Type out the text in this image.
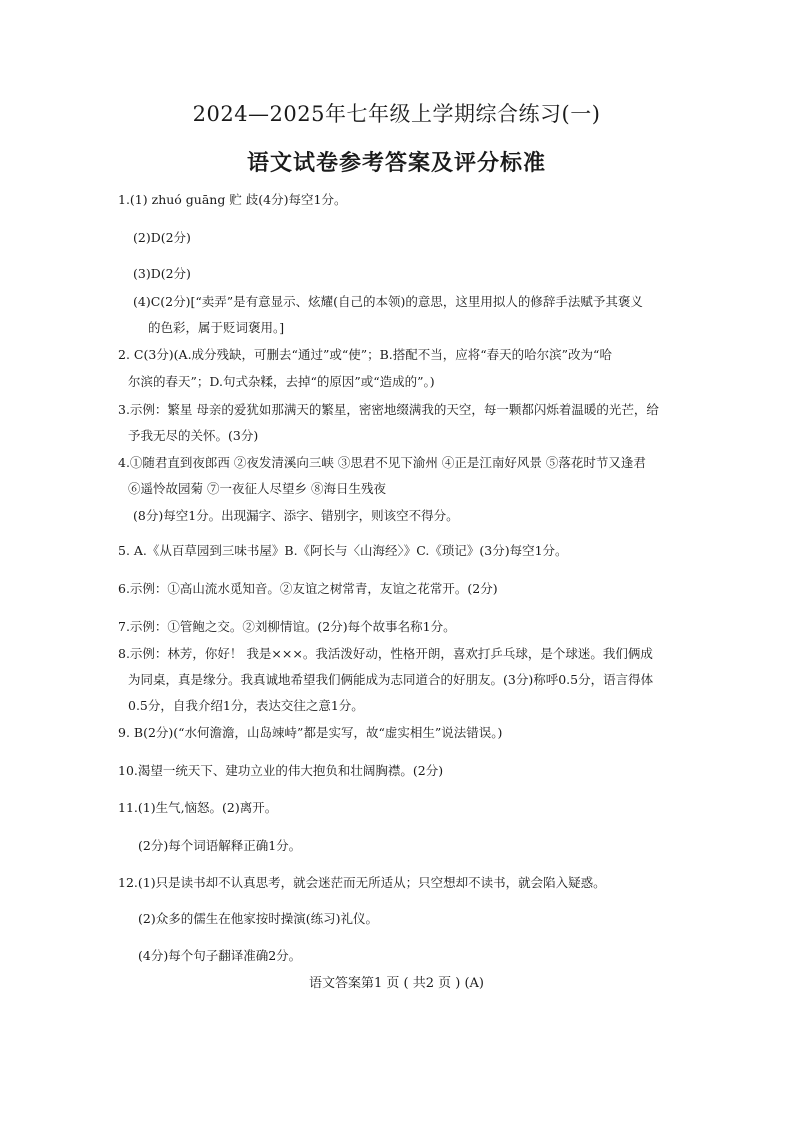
2024—2025年七年级上学期综合练习(一)
语文试卷参考答案及评分标准
1.(1) zhuó guāng 贮 歧(4分)每空1分。
(2)D(2分)
(3)D(2分)
(4)C(2分)[“卖弄”是有意显示、炫耀(自己的本领)的意思，这里用拟人的修辞手法赋予其褒义
的色彩，属于贬词褒用。]
2. C(3分)(A.成分残缺，可删去“通过”或“使”；B.搭配不当，应将“春天的哈尔滨”改为“哈
尔滨的春天”；D.句式杂糅，去掉“的原因”或“造成的”。)
3.示例：繁星 母亲的爱犹如那满天的繁星，密密地缀满我的天空，每一颗都闪烁着温暖的光芒，给
予我无尽的关怀。(3分)
4.①随君直到夜郎西 ②夜发清溪向三峡 ③思君不见下渝州 ④正是江南好风景 ⑤落花时节又逢君
⑥遥怜故园菊 ⑦一夜征人尽望乡 ⑧海日生残夜
(8分)每空1分。出现漏字、添字、错别字，则该空不得分。
5. A.《从百草园到三味书屋》B.《阿长与〈山海经〉》C.《琐记》(3分)每空1分。
6.示例：①高山流水觅知音。②友谊之树常青，友谊之花常开。(2分)
7.示例：①管鲍之交。②刘柳情谊。(2分)每个故事名称1分。
8.示例：林芳，你好！ 我是×××。我活泼好动，性格开朗，喜欢打乒乓球，是个球迷。我们俩成
为同桌，真是缘分。我真诚地希望我们俩能成为志同道合的好朋友。(3分)称呼0.5分，语言得体
0.5分，自我介绍1分，表达交往之意1分。
9. B(2分)(“水何澹澹，山岛竦峙”都是实写，故“虚实相生”说法错误。)
10.渴望一统天下、建功立业的伟大抱负和壮阔胸襟。(2分)
11.(1)生气,恼怒。(2)离开。
(2分)每个词语解释正确1分。
12.(1)只是读书却不认真思考，就会迷茫而无所适从；只空想却不读书，就会陷入疑惑。
(2)众多的儒生在他家按时操演(练习)礼仪。
(4分)每个句子翻译准确2分。
语文答案第1 页 ( 共2 页 ) (A)
